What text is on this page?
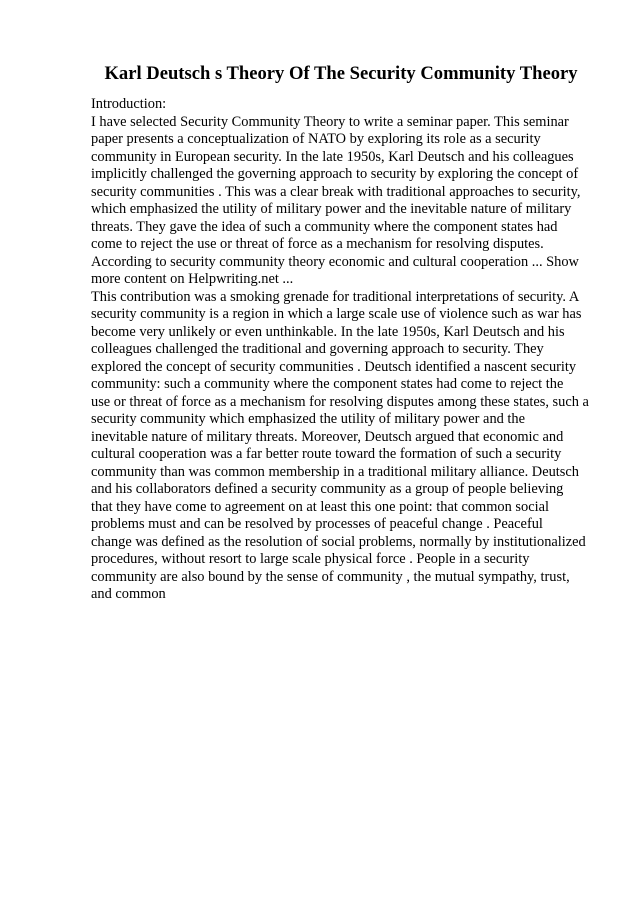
Karl Deutsch s Theory Of The Security Community Theory
Introduction:
I have selected Security Community Theory to write a seminar paper. This seminar
paper presents a conceptualization of NATO by exploring its role as a security
community in European security. In the late 1950s, Karl Deutsch and his colleagues
implicitly challenged the governing approach to security by exploring the concept of
security communities . This was a clear break with traditional approaches to security,
which emphasized the utility of military power and the inevitable nature of military
threats. They gave the idea of such a community where the component states had
come to reject the use or threat of force as a mechanism for resolving disputes.
According to security community theory economic and cultural cooperation ... Show
more content on Helpwriting.net ...
This contribution was a smoking grenade for traditional interpretations of security. A
security community is a region in which a large scale use of violence such as war has
become very unlikely or even unthinkable. In the late 1950s, Karl Deutsch and his
colleagues challenged the traditional and governing approach to security. They
explored the concept of security communities . Deutsch identified a nascent security
community: such a community where the component states had come to reject the
use or threat of force as a mechanism for resolving disputes among these states, such a
security community which emphasized the utility of military power and the
inevitable nature of military threats. Moreover, Deutsch argued that economic and
cultural cooperation was a far better route toward the formation of such a security
community than was common membership in a traditional military alliance. Deutsch
and his collaborators defined a security community as a group of people believing
that they have come to agreement on at least this one point: that common social
problems must and can be resolved by processes of peaceful change . Peaceful
change was defined as the resolution of social problems, normally by institutionalized
procedures, without resort to large scale physical force . People in a security
community are also bound by the sense of community , the mutual sympathy, trust,
and common
